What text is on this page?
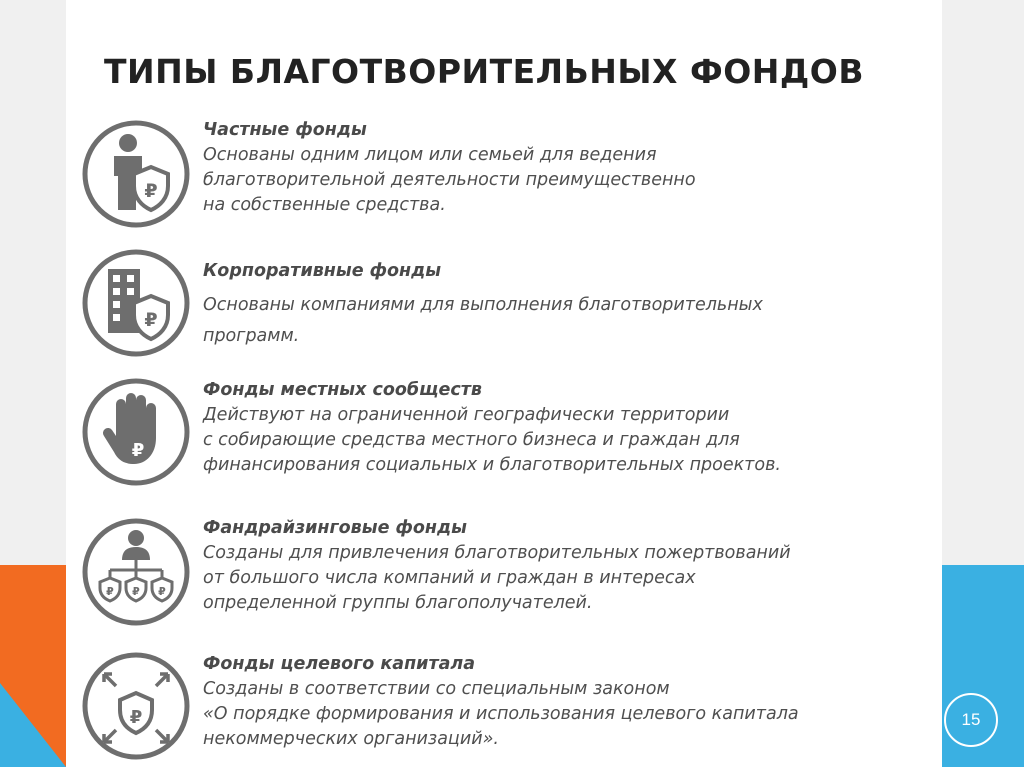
ТИПЫ БЛАГОТВОРИТЕЛЬНЫХ ФОНДОВ
₽
Частные фонды
Основаны одним лицом или семьей для ведения
благотворительной деятельности преимущественно
на собственные средства.
₽
Корпоративные фонды
Основаны компаниями для выполнения благотворительных
программ.
₽
Фонды местных сообществ
Действуют на ограниченной географически территории
с собирающие средства местного бизнеса и граждан для
финансирования социальных и благотворительных проектов.
₽ ₽ ₽
Фандрайзинговые фонды
Созданы для привлечения благотворительных пожертвований
от большого числа компаний и граждан в интересах
определенной группы благополучателей.
₽
Фонды целевого капитала
Созданы в соответствии со специальным законом
«О порядке формирования и использования целевого капитала
некоммерческих организаций».
15
